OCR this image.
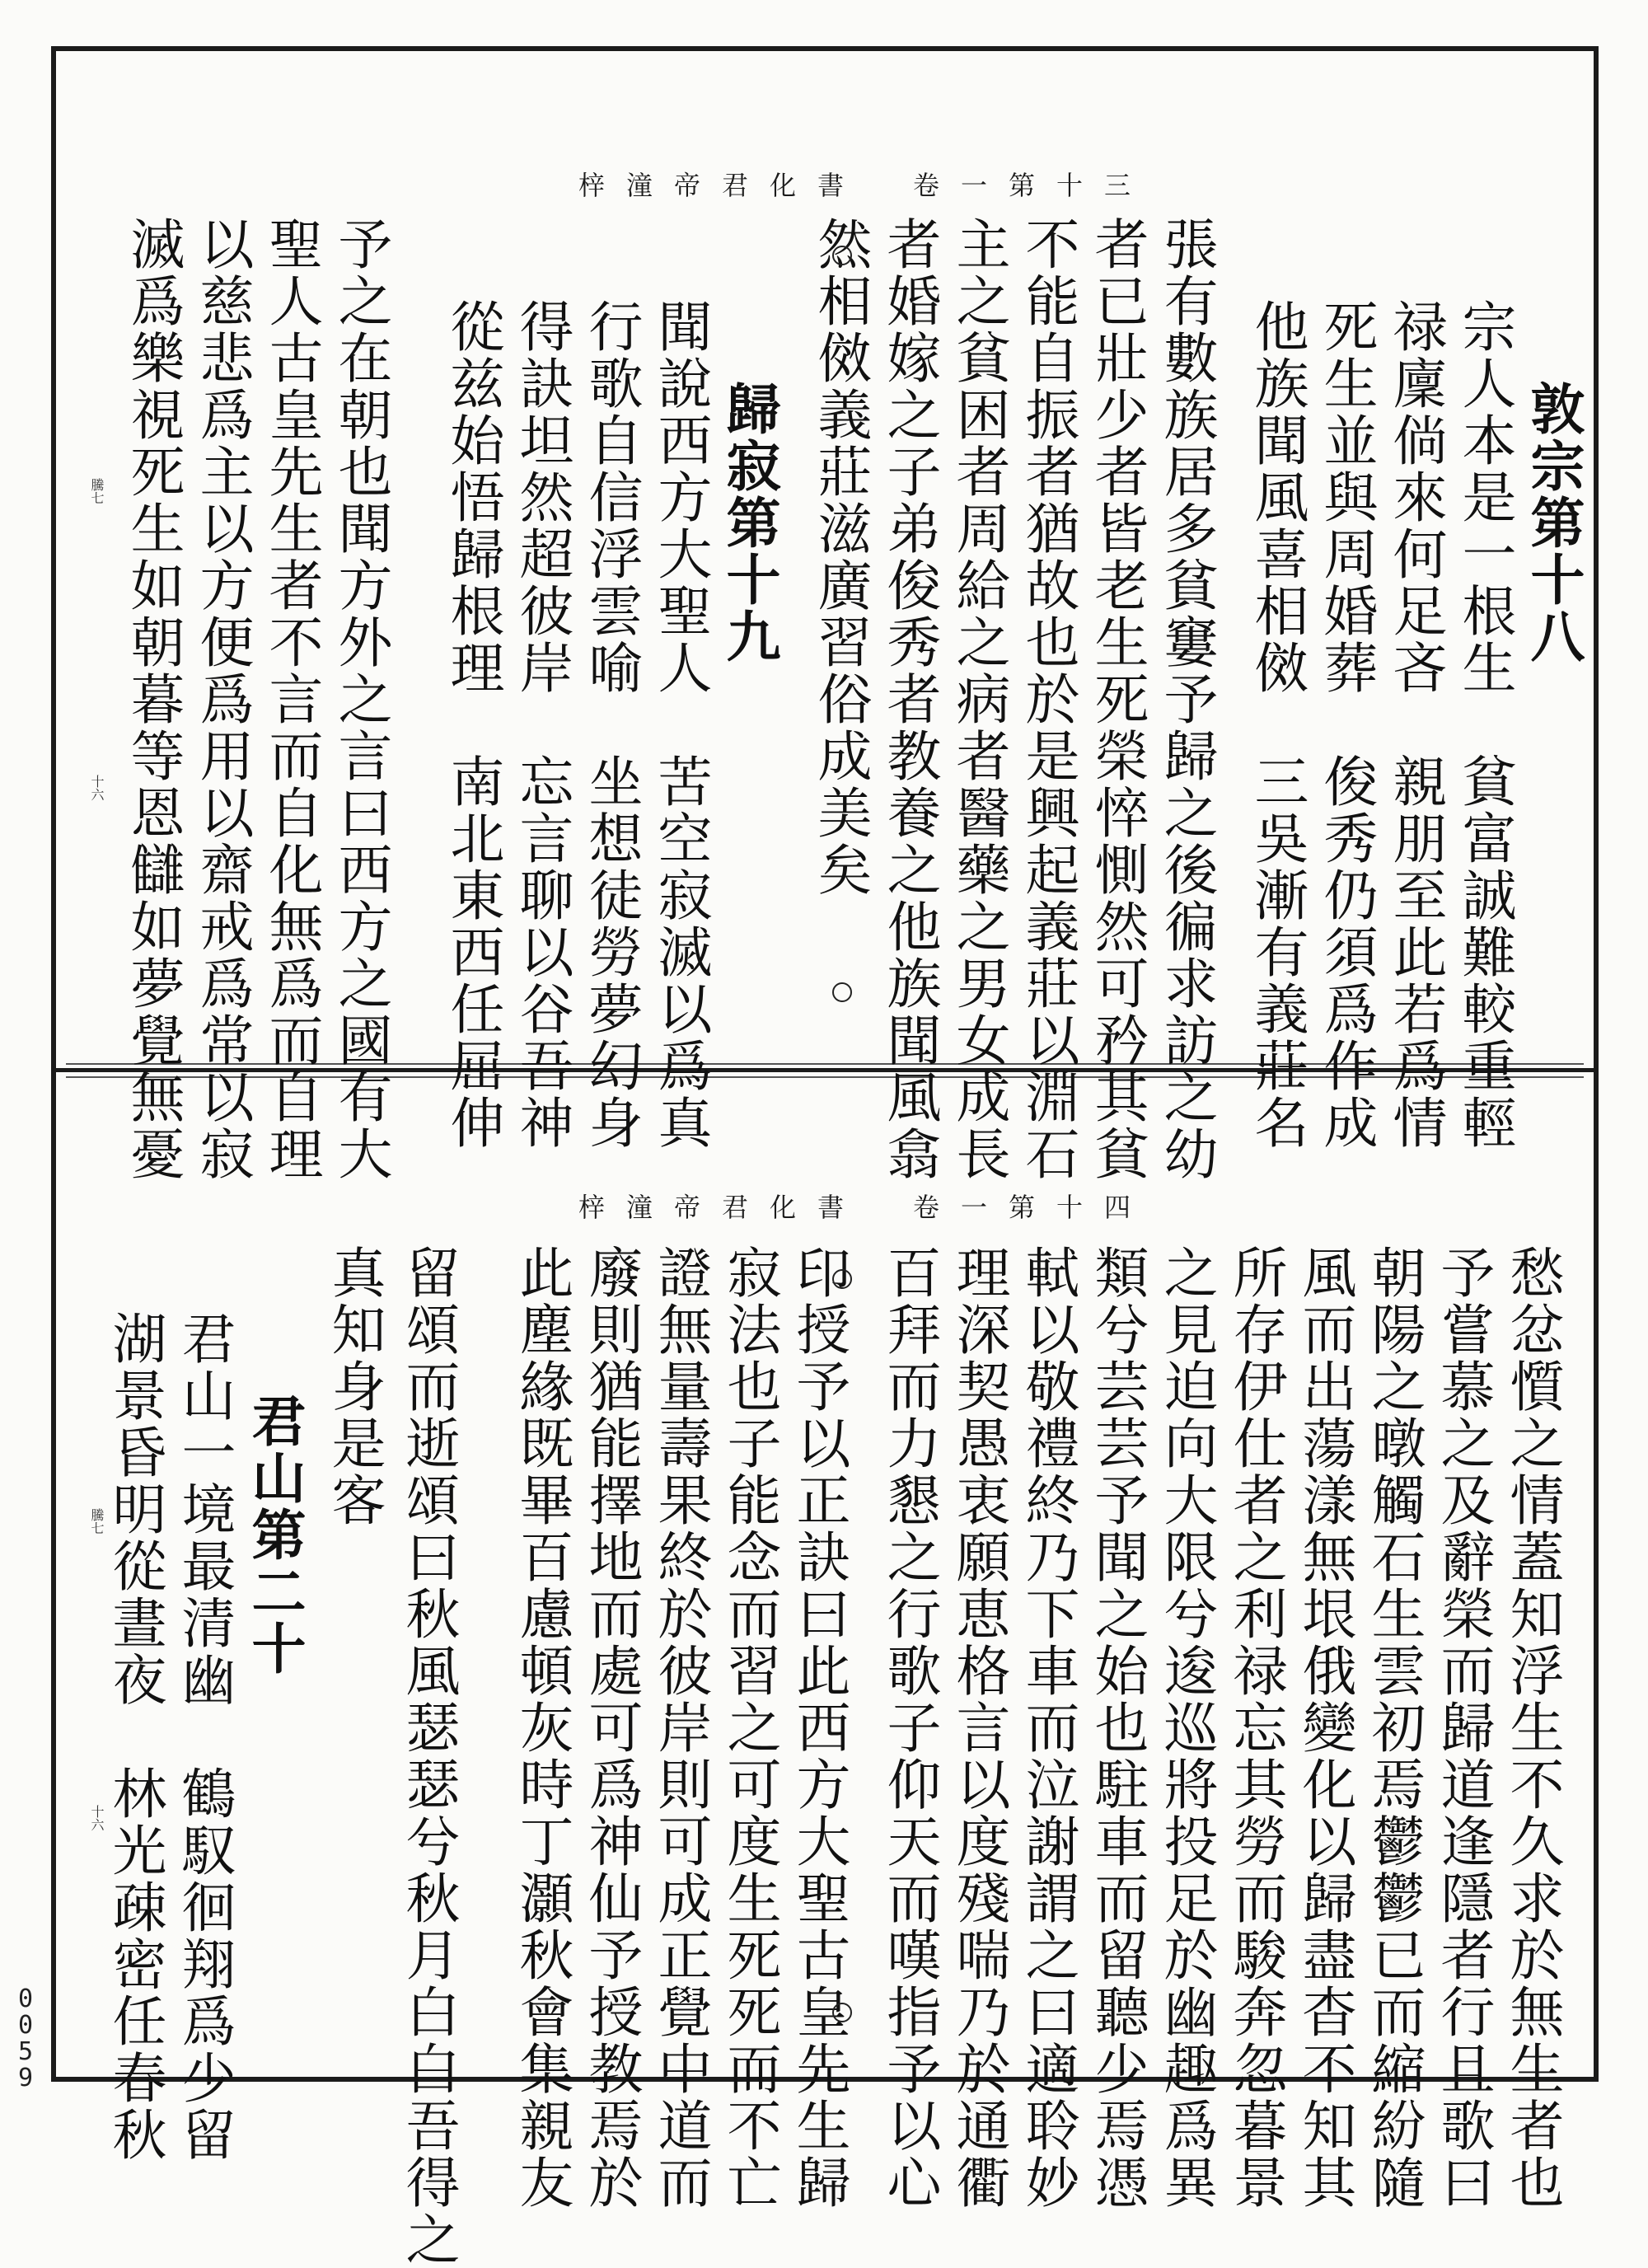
梓潼帝君化書　卷一第十三
敦宗第十八
宗人本是一根生　貧富誠難較重輕
禄廩倘來何足吝　親朋至此若爲情
死生並與周婚葬　俊秀仍須爲作成
他族聞風喜相傚　三吳漸有義莊名
張有數族居多貧窶予歸之後徧求訪之幼
者已壯少者皆老生死榮悴惻然可矜其貧
不能自振者猶故也於是興起義莊以淵石
主之貧困者周給之病者醫藥之男女成長
者婚嫁之子弟俊秀者教養之他族聞風翕
然相傚義莊滋廣習俗成美矣
歸寂第十九
聞說西方大聖人　苦空寂滅以爲真
行歌自信浮雲喻　坐想徒勞夢幻身
得訣坦然超彼岸　忘言聊以谷吾神
從兹始悟歸根理　南北東西任屈伸
予之在朝也聞方外之言曰西方之國有大
聖人古皇先生者不言而自化無爲而自理
以慈悲爲主以方便爲用以齋戒爲常以寂
滅爲樂視死生如朝暮等恩讎如夢覺無憂
騰七
十六
梓潼帝君化書　卷一第十四
愁忿懫之情蓋知浮生不久求於無生者也
予嘗慕之及辭榮而歸道逢隱者行且歌曰
朝陽之暾觸石生雲初焉鬱鬱已而縮紛隨
風而出蕩漾無垠俄變化以歸盡杳不知其
所存伊仕者之利禄忘其勞而駿奔忽暮景
之見迫向大限兮逡巡將投足於幽趣爲異
類兮芸芸予聞之始也駐車而留聽少焉憑
軾以敬禮終乃下車而泣謝謂之曰適聆妙
理深契愚衷願恵格言以度殘喘乃於通衢
百拜而力懇之行歌子仰天而嘆指予以心
印授予以正訣曰此西方大聖古皇先生歸
寂法也子能念而習之可度生死死而不亡
證無量壽果終於彼岸則可成正覺中道而
廢則猶能擇地而處可爲神仙予授教焉於
此塵緣既畢百慮頓灰時丁灝秋會集親友
留頌而逝頌曰秋風瑟瑟兮秋月白白吾得之
真知身是客
君山第二十
君山一境最清幽　鶴馭徊翔爲少留
湖景昏明從晝夜　林光疎密任春秋
騰七
十六
0
0
5
9
